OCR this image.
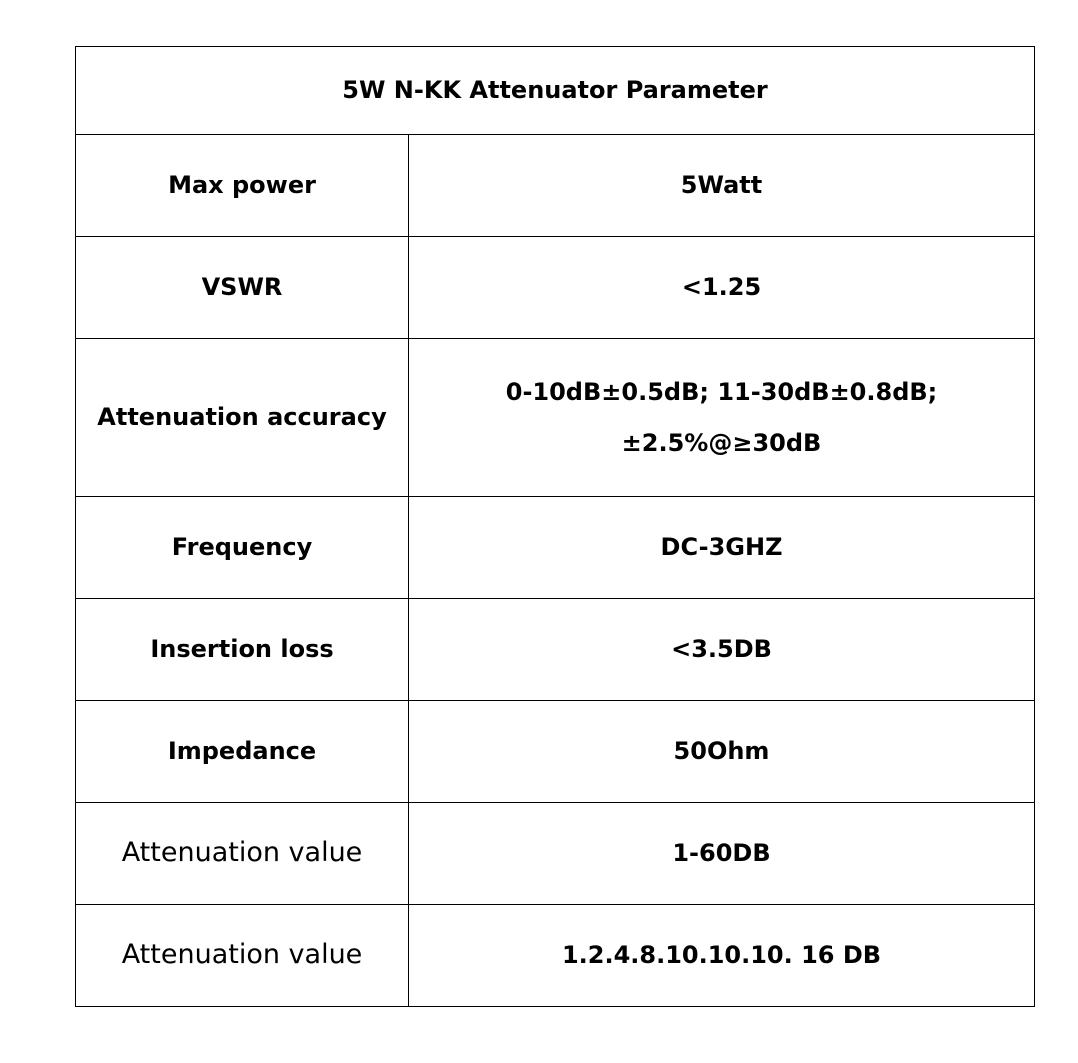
5W N-KK Attenuator Parameter	
Max power	5Watt
VSWR	<1.25
Attenuation accuracy	0-10dB±0.5dB; 11-30dB±0.8dB;
±2.5%@≥30dB

Frequency	DC-3GHZ
Insertion loss	<3.5DB
Impedance	50Ohm
Attenuation value	1-60DB
Attenuation value	1.2.4.8.10.10.10. 16 DB
